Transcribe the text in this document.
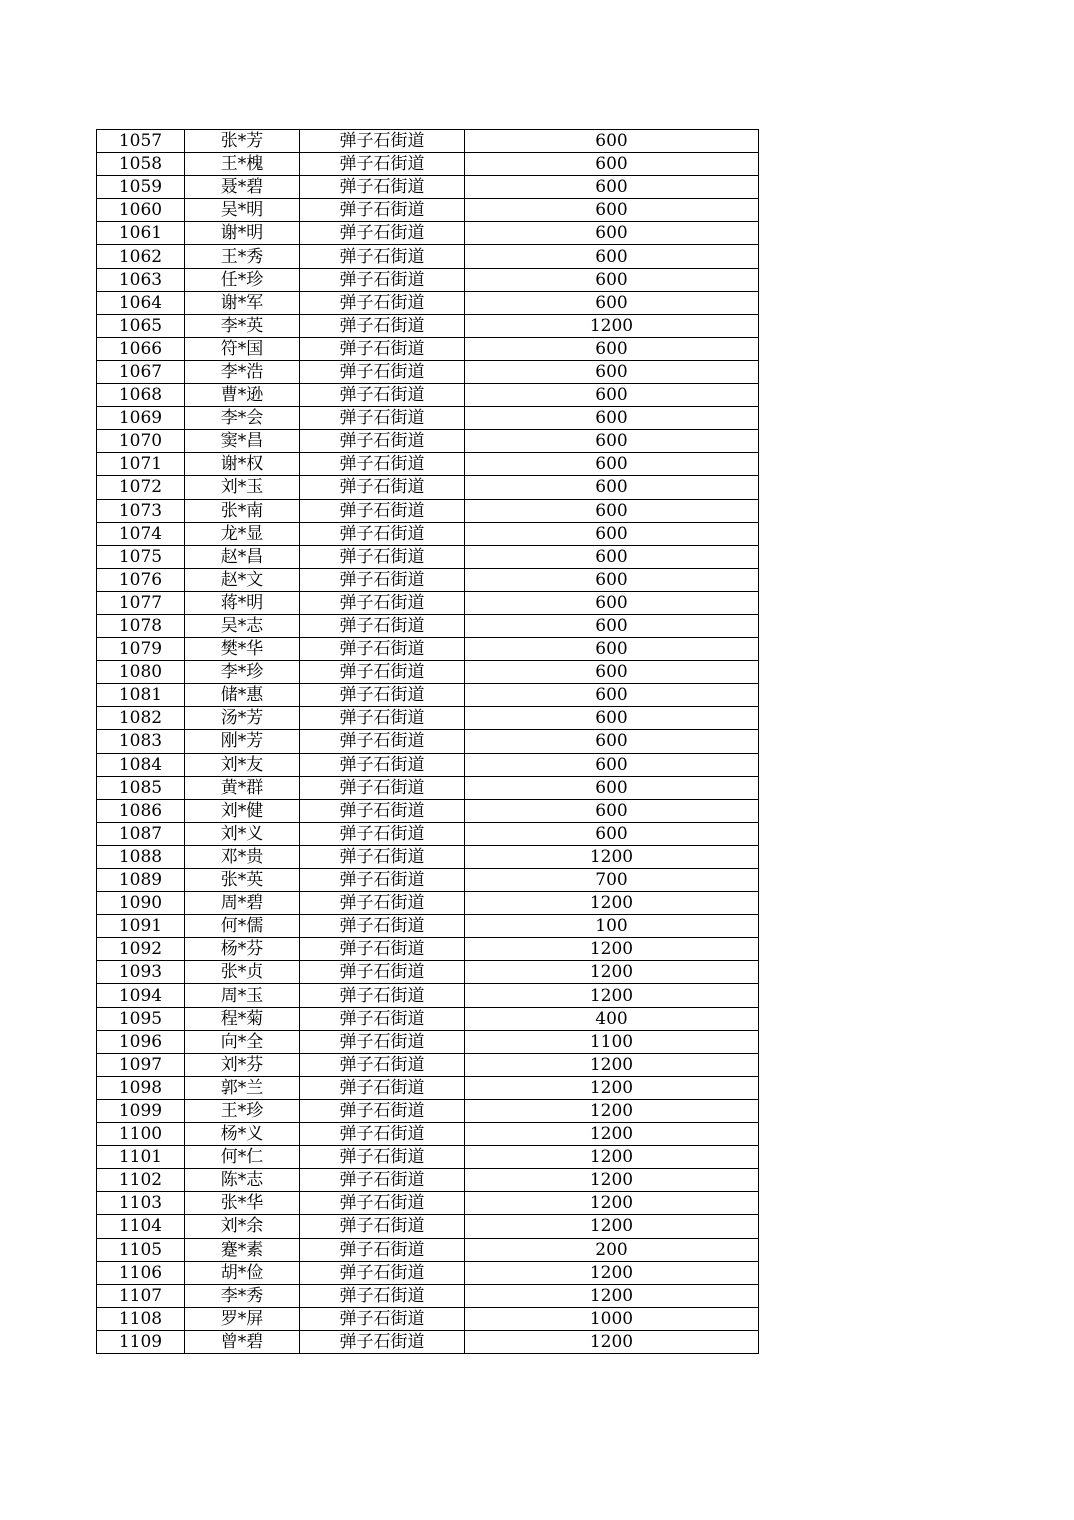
1057	张*芳	弹子石街道	600
1058	王*槐	弹子石街道	600
1059	聂*碧	弹子石街道	600
1060	吴*明	弹子石街道	600
1061	谢*明	弹子石街道	600
1062	王*秀	弹子石街道	600
1063	任*珍	弹子石街道	600
1064	谢*军	弹子石街道	600
1065	李*英	弹子石街道	1200
1066	符*国	弹子石街道	600
1067	李*浩	弹子石街道	600
1068	曹*逊	弹子石街道	600
1069	李*会	弹子石街道	600
1070	窦*昌	弹子石街道	600
1071	谢*权	弹子石街道	600
1072	刘*玉	弹子石街道	600
1073	张*南	弹子石街道	600
1074	龙*显	弹子石街道	600
1075	赵*昌	弹子石街道	600
1076	赵*文	弹子石街道	600
1077	蒋*明	弹子石街道	600
1078	吴*志	弹子石街道	600
1079	樊*华	弹子石街道	600
1080	李*珍	弹子石街道	600
1081	储*惠	弹子石街道	600
1082	汤*芳	弹子石街道	600
1083	刚*芳	弹子石街道	600
1084	刘*友	弹子石街道	600
1085	黄*群	弹子石街道	600
1086	刘*健	弹子石街道	600
1087	刘*义	弹子石街道	600
1088	邓*贵	弹子石街道	1200
1089	张*英	弹子石街道	700
1090	周*碧	弹子石街道	1200
1091	何*儒	弹子石街道	100
1092	杨*芬	弹子石街道	1200
1093	张*贞	弹子石街道	1200
1094	周*玉	弹子石街道	1200
1095	程*菊	弹子石街道	400
1096	向*全	弹子石街道	1100
1097	刘*芬	弹子石街道	1200
1098	郭*兰	弹子石街道	1200
1099	王*珍	弹子石街道	1200
1100	杨*义	弹子石街道	1200
1101	何*仁	弹子石街道	1200
1102	陈*志	弹子石街道	1200
1103	张*华	弹子石街道	1200
1104	刘*余	弹子石街道	1200
1105	蹇*素	弹子石街道	200
1106	胡*俭	弹子石街道	1200
1107	李*秀	弹子石街道	1200
1108	罗*屏	弹子石街道	1000
1109	曾*碧	弹子石街道	1200
